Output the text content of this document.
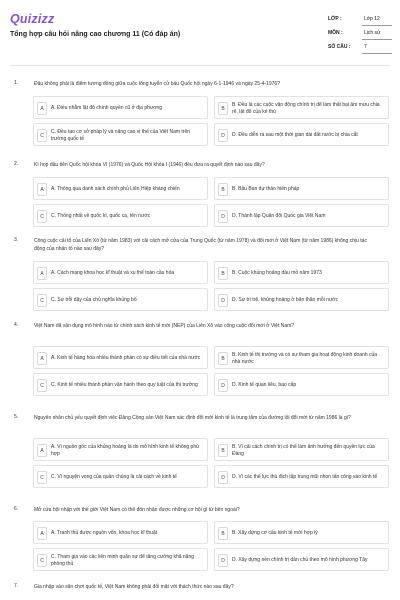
Quizizz
Tổng hợp câu hỏi nâng cao chương 11 (Có đáp án)
LỚP :	Lớp 12
MÔN :	Lịch sử
SỐ CÂU :	7
1.	Đâu không phải là điểm tương đồng giữa cuộc tổng tuyển cử bầu Quốc hội ngày 6-1-1946 và ngày 25-4-1976?
A	A. Điều nhằm lật đổ chính quyền cũ ở địa phương	B
B. Đều là các cuộc vận động chính trị để làm thất bại âm mưu chia rẽ, lật đổ của kẻ thù
C
C. Đều tạo cơ sở pháp lý và nâng cao vị thế của Việt Nam trên trường quốc tế	D	D. Đều diễn ra sau một thời gian dài đất nước bị chia cắt
2.	Kì họp đầu tiên Quốc hội khóa VI (1976) và Quốc Hội khóa I (1946) đều đưa ra quyết định nào sau đây?
A	A. Thông qua danh sách chính phủ Liên Hiệp kháng chiến	B	B. Bầu Ban dự thảo hiến pháp
C	C. Thống nhất về quốc kì, quốc ca, tên nước	D	D. Thành lập Quân đội Quốc gia Việt Nam
3.	Công cuộc cải tổ của Liên Xô (từ năm 1983) với cải cách mở cửa của Trung Quốc (từ năm 1978) và đổi mới ở Việt Nam (từ năm 1986) không chịu tác động của nhân tố nào sau đây?
A	A. Cách mạng khoa học kĩ thuật và xu thế toàn cầu hóa	B	B. Cuộc khủng hoảng dầu mỏ năm 1973
C	C. Sự trỗi dậy của chủ nghĩa khủng bố	D	D. Sự trì trệ, khủng hoảng ở bản thân mỗi nước
4.	Việt Nam đã vận dụng mô hình nào từ chính sách kinh tế mới (NEP) của Liên Xô vào công cuộc đổi mới ở Việt Nam?
A	A. Kinh tế hàng hóa nhiều thành phần có sự điều tiết của nhà nước	B
B. Kinh tế thị trường và có sự tham gia hoạt động kinh doanh của nhà nước
C	C. Kinh tế nhiều thành phần vận hành theo quy luật của thị trường	D	D. Kinh tế quan liêu, bao cấp
5.	Nguyên nhân chủ yếu quyết định việc Đảng Cộng sản Việt Nam xác định đổi mới kinh tế là trung tâm của đường lối đổi mới từ năm 1986 là gì?
A
A. Vì nguồn gốc của khủng hoảng là do mô hình kinh tế không phù hợp	B
B. Vì cải cách chính trị có thể làm ảnh hưởng đến quyền lực của Đảng
C	C. Vì nguyện vọng của quần chúng là cải cách về kinh tế	D	D. Vì các thế lực thù địch tập trung mũi nhọn tấn công vào kinh tế
6.	Mở cửa hội nhập với thế giới Việt Nam có thể đón nhận được những cơ hội gì từ bên ngoài?
A	A. Tranh thủ được nguồn vốn, khoa học kĩ thuật	B	B. Xây dựng cơ cấu kinh tế mới hợp lý
C
C. Tham gia vào các liên minh quân sự để tăng cường khả năng phòng thủ	D	D. Xây dựng nền chính trị dân chủ theo mô hình phương Tây
7.	Gia nhập vào sân chơi quốc tế, Việt Nam không phải đối mặt với thách thức nào sau đây?
